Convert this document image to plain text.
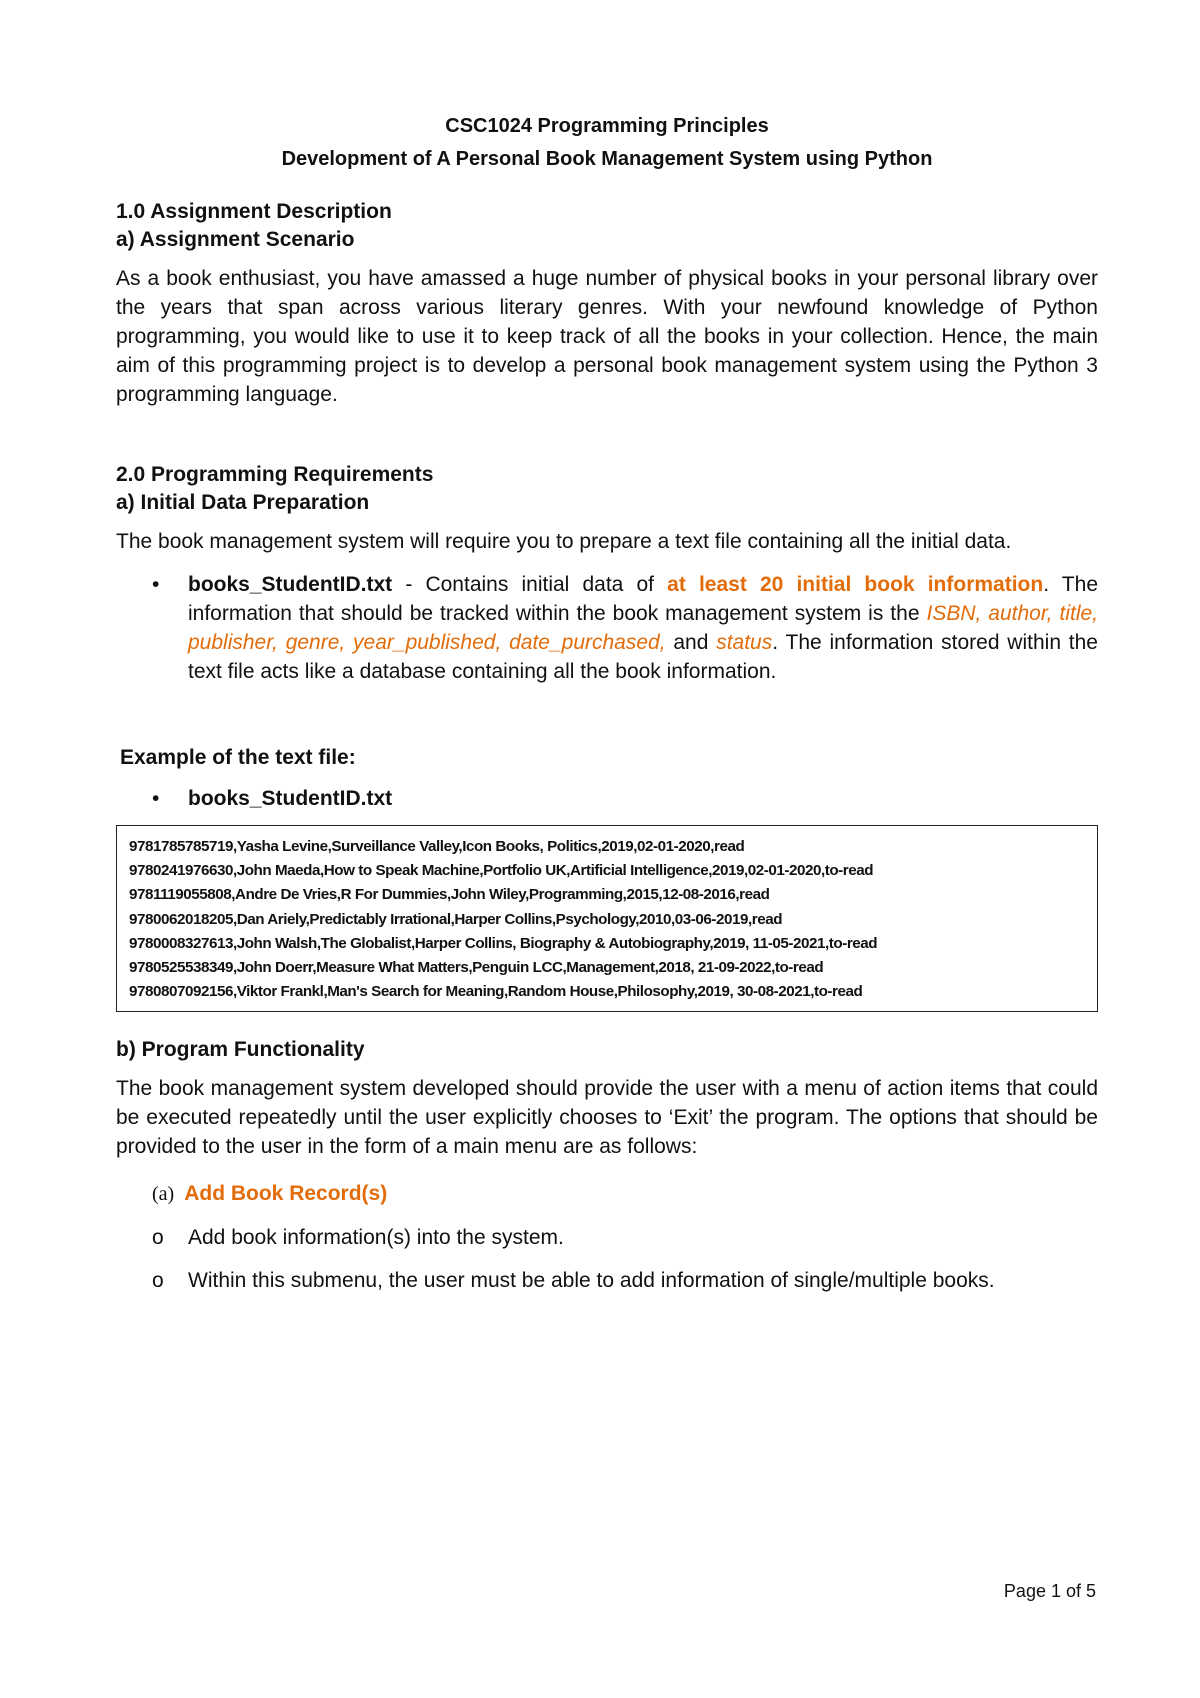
CSC1024 Programming Principles
Development of A Personal Book Management System using Python
1.0 Assignment Description
a) Assignment Scenario
As a book enthusiast, you have amassed a huge number of physical books in your personal library over the years that span across various literary genres. With your newfound knowledge of Python programming, you would like to use it to keep track of all the books in your collection. Hence, the main aim of this programming project is to develop a personal book management system using the Python 3 programming language.
2.0 Programming Requirements
a) Initial Data Preparation
The book management system will require you to prepare a text file containing all the initial data.
• books_StudentID.txt - Contains initial data of at least 20 initial book information. The information that should be tracked within the book management system is the ISBN, author, title, publisher, genre, year_published, date_purchased, and status. The information stored within the text file acts like a database containing all the book information.
Example of the text file:
• books_StudentID.txt
9781785785719,Yasha Levine,Surveillance Valley,Icon Books, Politics,2019,02-01-2020,read
9780241976630,John Maeda,How to Speak Machine,Portfolio UK,Artificial Intelligence,2019,02-01-2020,to-read
9781119055808,Andre De Vries,R For Dummies,John Wiley,Programming,2015,12-08-2016,read
9780062018205,Dan Ariely,Predictably Irrational,Harper Collins,Psychology,2010,03-06-2019,read
9780008327613,John Walsh,The Globalist,Harper Collins, Biography & Autobiography,2019, 11-05-2021,to-read
9780525538349,John Doerr,Measure What Matters,Penguin LCC,Management,2018, 21-09-2022,to-read
9780807092156,Viktor Frankl,Man's Search for Meaning,Random House,Philosophy,2019, 30-08-2021,to-read
b) Program Functionality
The book management system developed should provide the user with a menu of action items that could be executed repeatedly until the user explicitly chooses to ‘Exit’ the program. The options that should be provided to the user in the form of a main menu are as follows:
(a) Add Book Record(s)
o Add book information(s) into the system.
o Within this submenu, the user must be able to add information of single/multiple books.
Page 1 of 5
